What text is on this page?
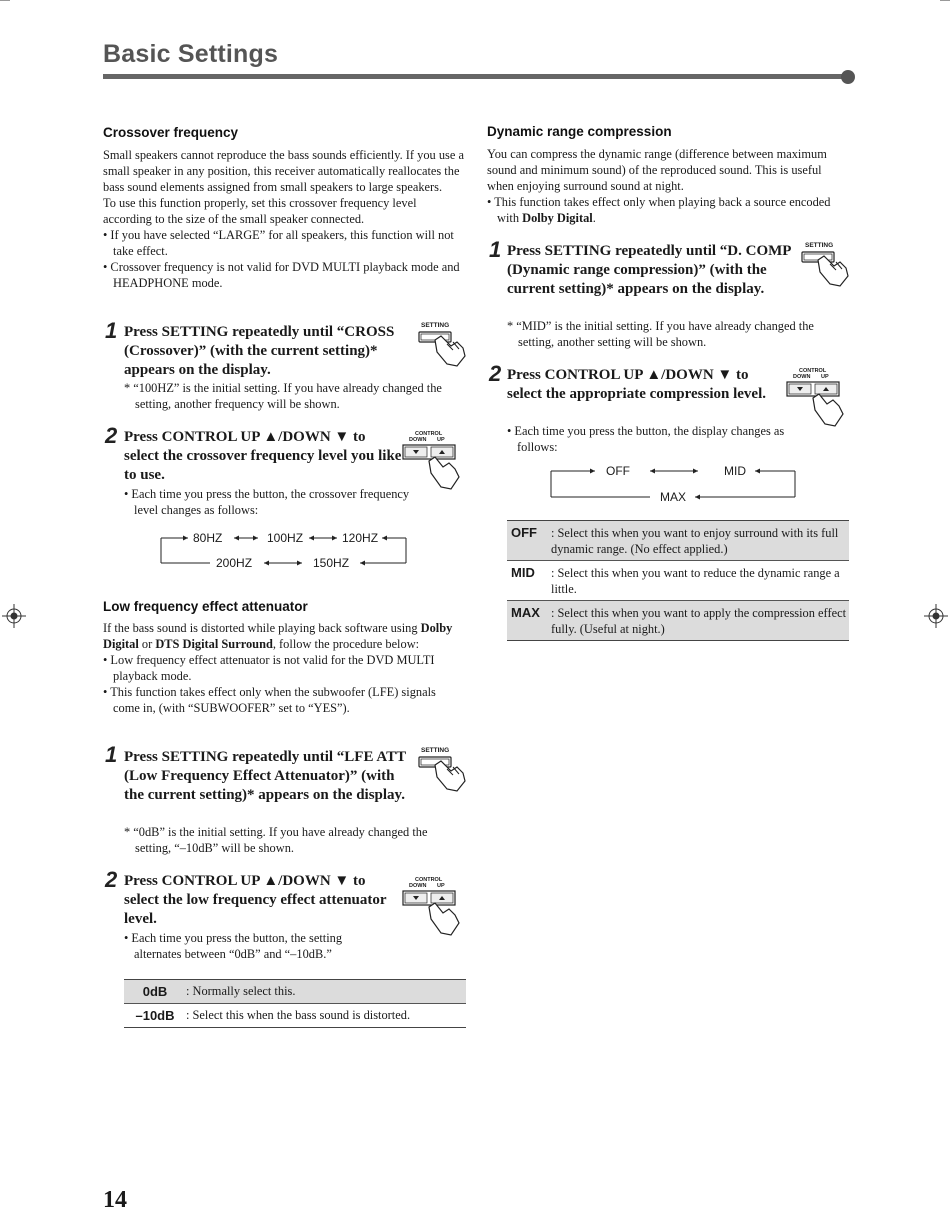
Basic Settings
Crossover frequency

Small speakers cannot reproduce the bass sounds efficiently. If you use a small speaker in any position, this receiver automatically reallocates the bass sound elements assigned from small speakers to large speakers.

To use this function properly, set this crossover frequency level according to the size of the small speaker connected.

• If you have selected “LARGE” for all speakers, this function will not take effect.

• Crossover frequency is not valid for DVD MULTI playback mode and HEADPHONE mode.

1 Press SETTING repeatedly until “CROSS (Crossover)” (with the current setting)* appears on the display.

* “100HZ” is the initial setting. If you have already changed the setting, another frequency will be shown.

SETTING
2 Press CONTROL UP ▲/DOWN ▼ to select the crossover frequency level you like to use.

• Each time you press the button, the crossover frequency level changes as follows:

CONTROL
DOWN UP
80HZ	100HZ	120HZ
150HZ
200HZ
Low frequency effect attenuator

If the bass sound is distorted while playing back software using Dolby Digital or DTS Digital Surround, follow the procedure below:

• Low frequency effect attenuator is not valid for the DVD MULTI playback mode.

• This function takes effect only when the subwoofer (LFE) signals come in, (with “SUBWOOFER” set to “YES”).

1 Press SETTING repeatedly until “LFE ATT (Low Frequency Effect Attenuator)” (with the current setting)* appears on the display.

* “0dB” is the initial setting. If you have already changed the setting, “–10dB” will be shown.

SETTING
2 Press CONTROL UP ▲/DOWN ▼ to select the low frequency effect attenuator level.

• Each time you press the button, the setting alternates between “0dB” and “–10dB.”

CONTROL
DOWN UP
0dB	: Normally select this.
–10dB	: Select this when the bass sound is distorted.
Dynamic range compression

You can compress the dynamic range (difference between maximum sound and minimum sound) of the reproduced sound. This is useful when enjoying surround sound at night.

• This function takes effect only when playing back a source encoded with Dolby Digital.

1 Press SETTING repeatedly until “D. COMP (Dynamic range compression)” (with the current setting)* appears on the display.

* “MID” is the initial setting. If you have already changed the setting, another setting will be shown.

SETTING
2 Press CONTROL UP ▲/DOWN ▼ to select the appropriate compression level.

• Each time you press the button, the display changes as follows:

CONTROL
DOWN UP
OFF	MID
MAX
OFF	: Select this when you want to enjoy surround with its full dynamic range. (No effect applied.)
MID	: Select this when you want to reduce the dynamic range a little.
MAX	: Select this when you want to apply the compression effect fully. (Useful at night.)
14
